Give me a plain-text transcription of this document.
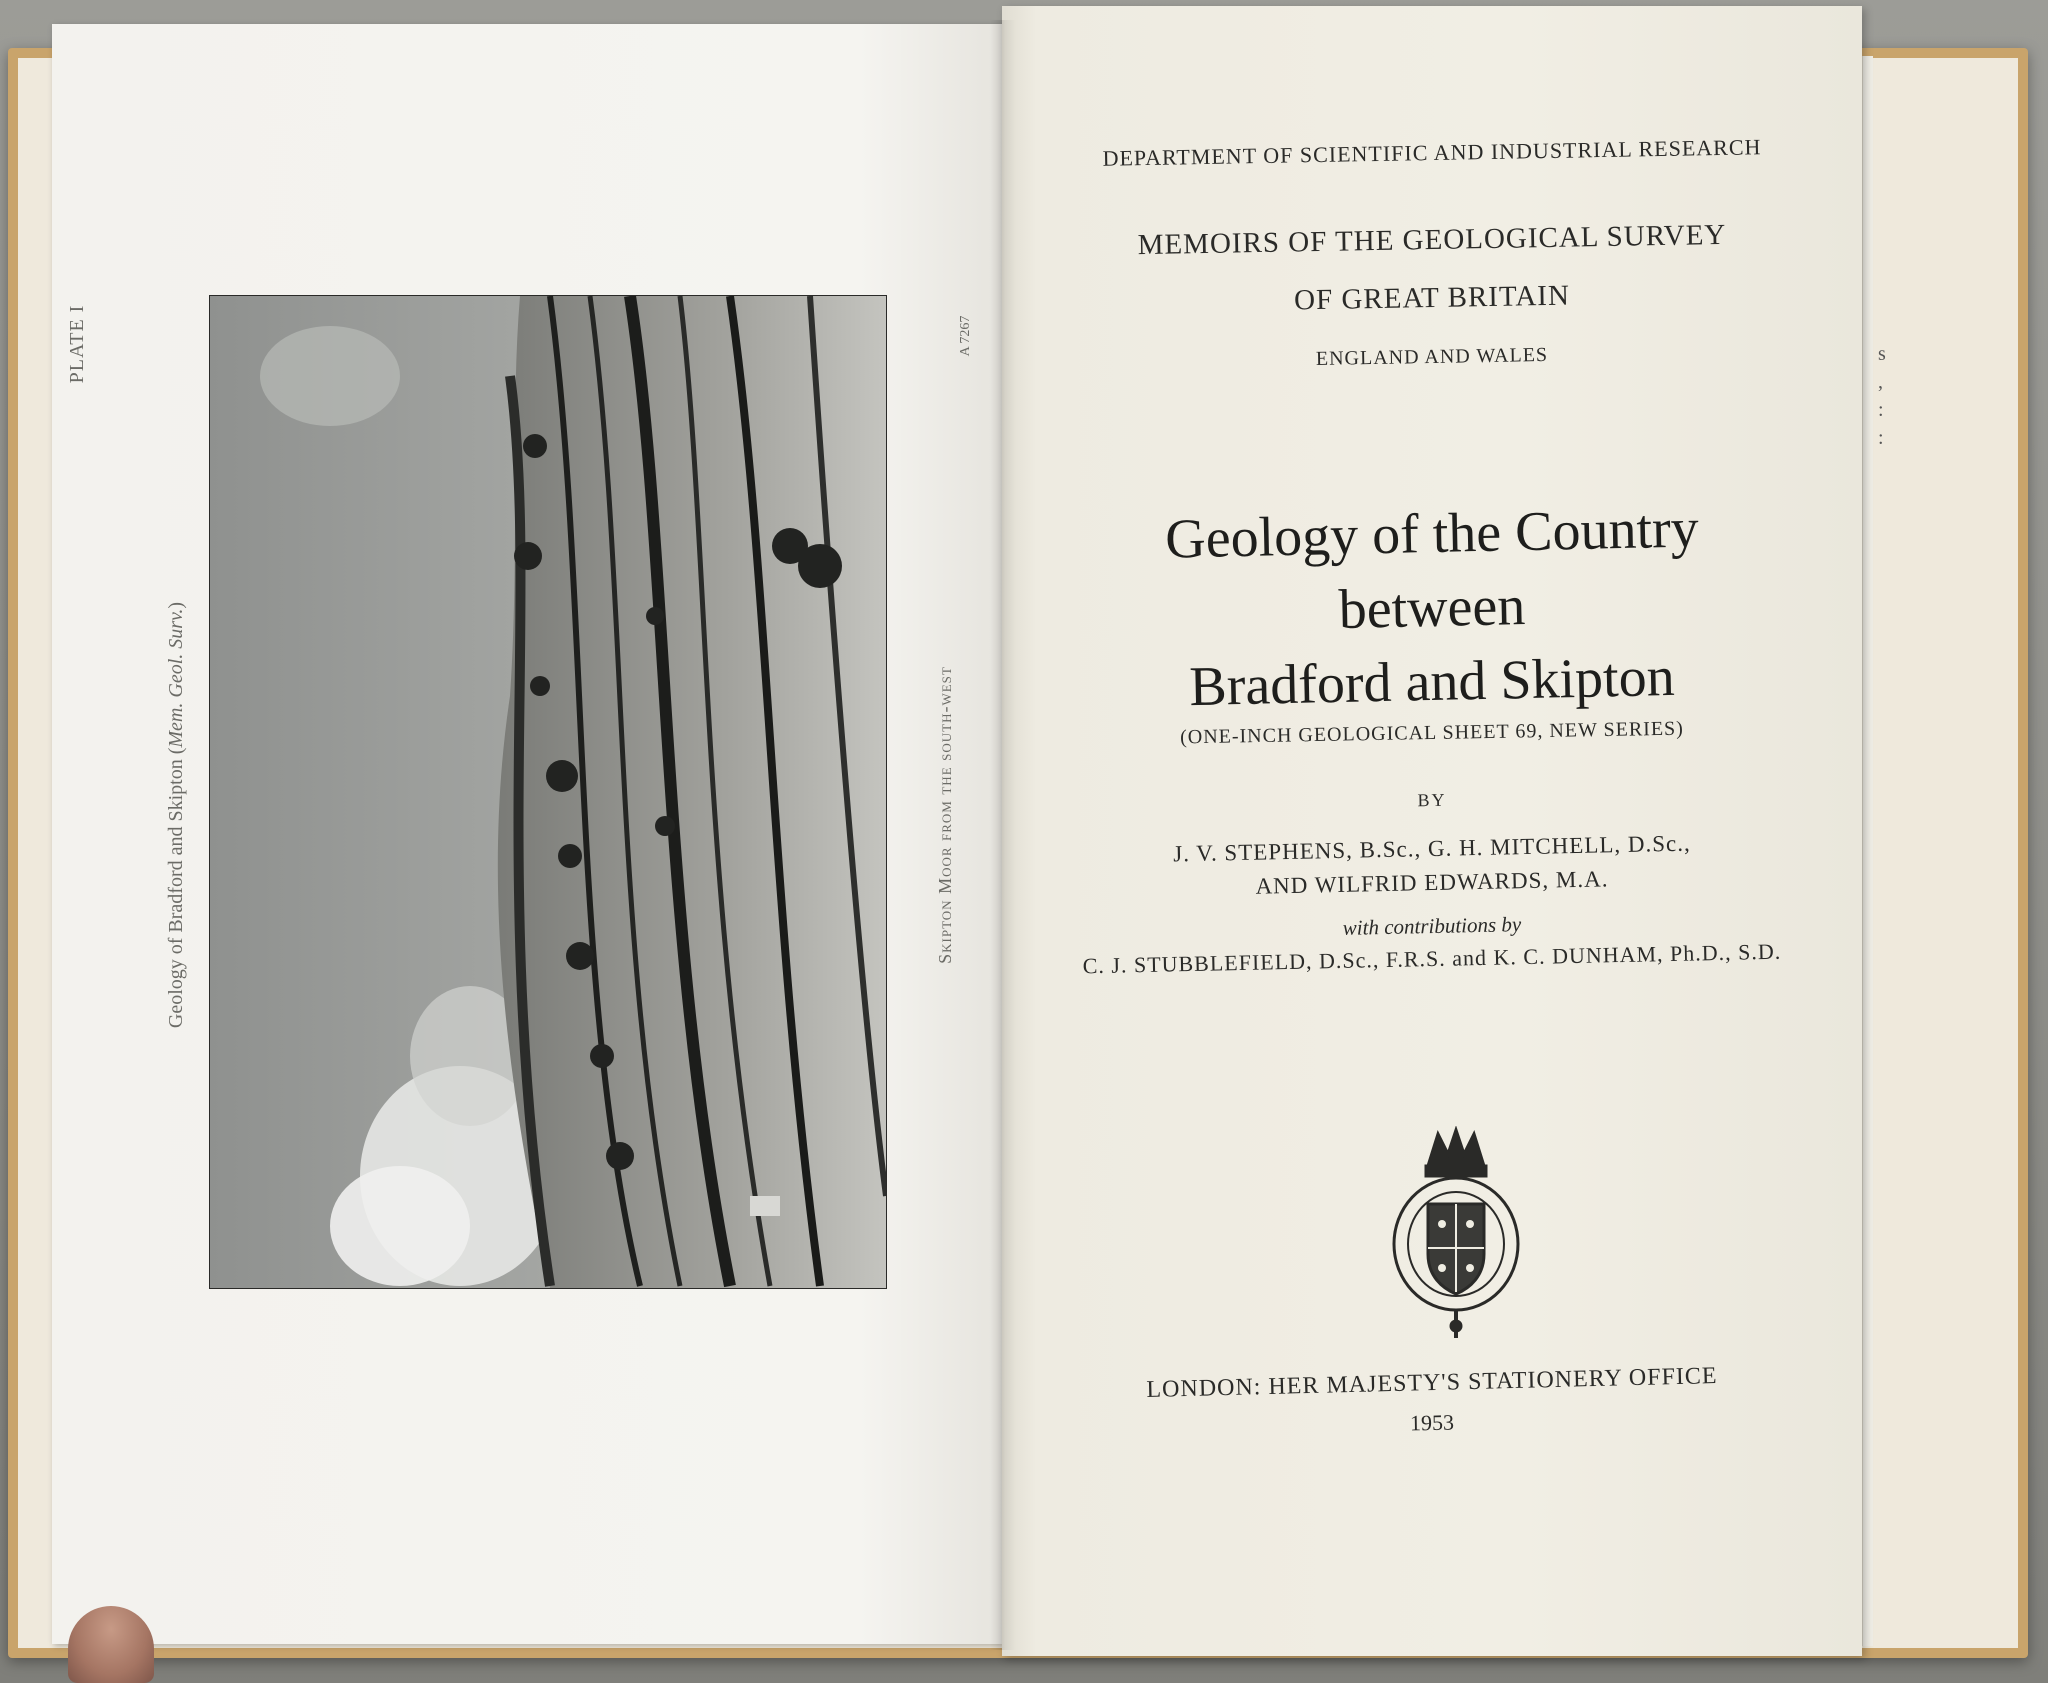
s
,
:
:
PLATE I
Geology of Bradford and Skipton (Mem. Geol. Surv.)
Skipton Moor from the south-west
A 7267
DEPARTMENT OF SCIENTIFIC AND INDUSTRIAL RESEARCH
MEMOIRS OF THE GEOLOGICAL SURVEY
OF GREAT BRITAIN
ENGLAND AND WALES
Geology of the Country
between
Bradford and Skipton
(ONE-INCH GEOLOGICAL SHEET 69, NEW SERIES)
BY
J. V. STEPHENS, B.Sc., G. H. MITCHELL, D.Sc.,
AND WILFRID EDWARDS, M.A.
with contributions by
C. J. STUBBLEFIELD, D.Sc., F.R.S. and K. C. DUNHAM, Ph.D., S.D.
LONDON: HER MAJESTY'S STATIONERY OFFICE
1953
